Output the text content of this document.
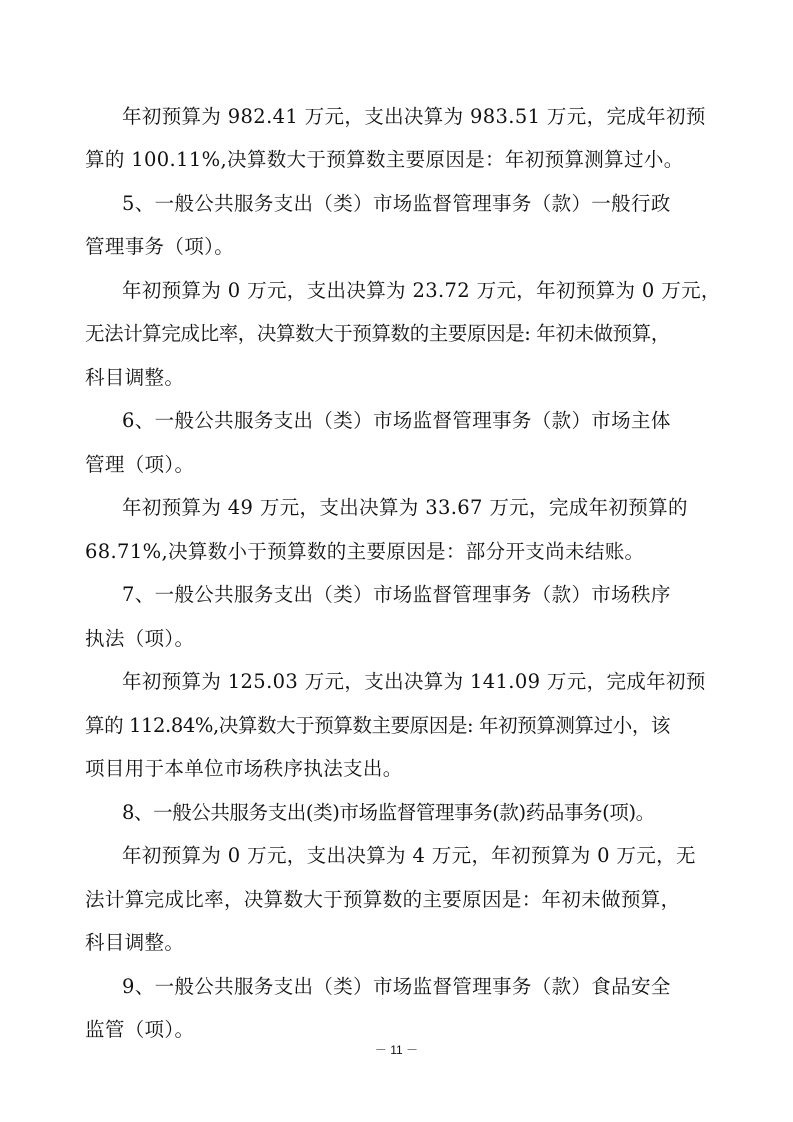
年初预算为 982.41 万元，支出决算为 983.51 万元，完成年初预
算的 100.11%,决算数大于预算数主要原因是：年初预算测算过小。
5、一般公共服务支出（类）市场监督管理事务（款）一般行政
管理事务（项）。
年初预算为 0 万元，支出决算为 23.72 万元，年初预算为 0 万元，
无法计算完成比率，决算数大于预算数的主要原因是: 年初未做预算，
科目调整。
6、一般公共服务支出（类）市场监督管理事务（款）市场主体
管理（项）。
年初预算为 49 万元，支出决算为 33.67 万元，完成年初预算的
68.71%,决算数小于预算数的主要原因是：部分开支尚未结账。
7、一般公共服务支出（类）市场监督管理事务（款）市场秩序
执法（项）。
年初预算为 125.03 万元，支出决算为 141.09 万元，完成年初预
算的 112.84%,决算数大于预算数主要原因是: 年初预算测算过小，该
项目用于本单位市场秩序执法支出。
8、一般公共服务支出(类)市场监督管理事务(款)药品事务(项)。
年初预算为 0 万元，支出决算为 4 万元，年初预算为 0 万元，无
法计算完成比率，决算数大于预算数的主要原因是：年初未做预算，
科目调整。
9、一般公共服务支出（类）市场监督管理事务（款）食品安全
监管（项）。
－ 11 －
